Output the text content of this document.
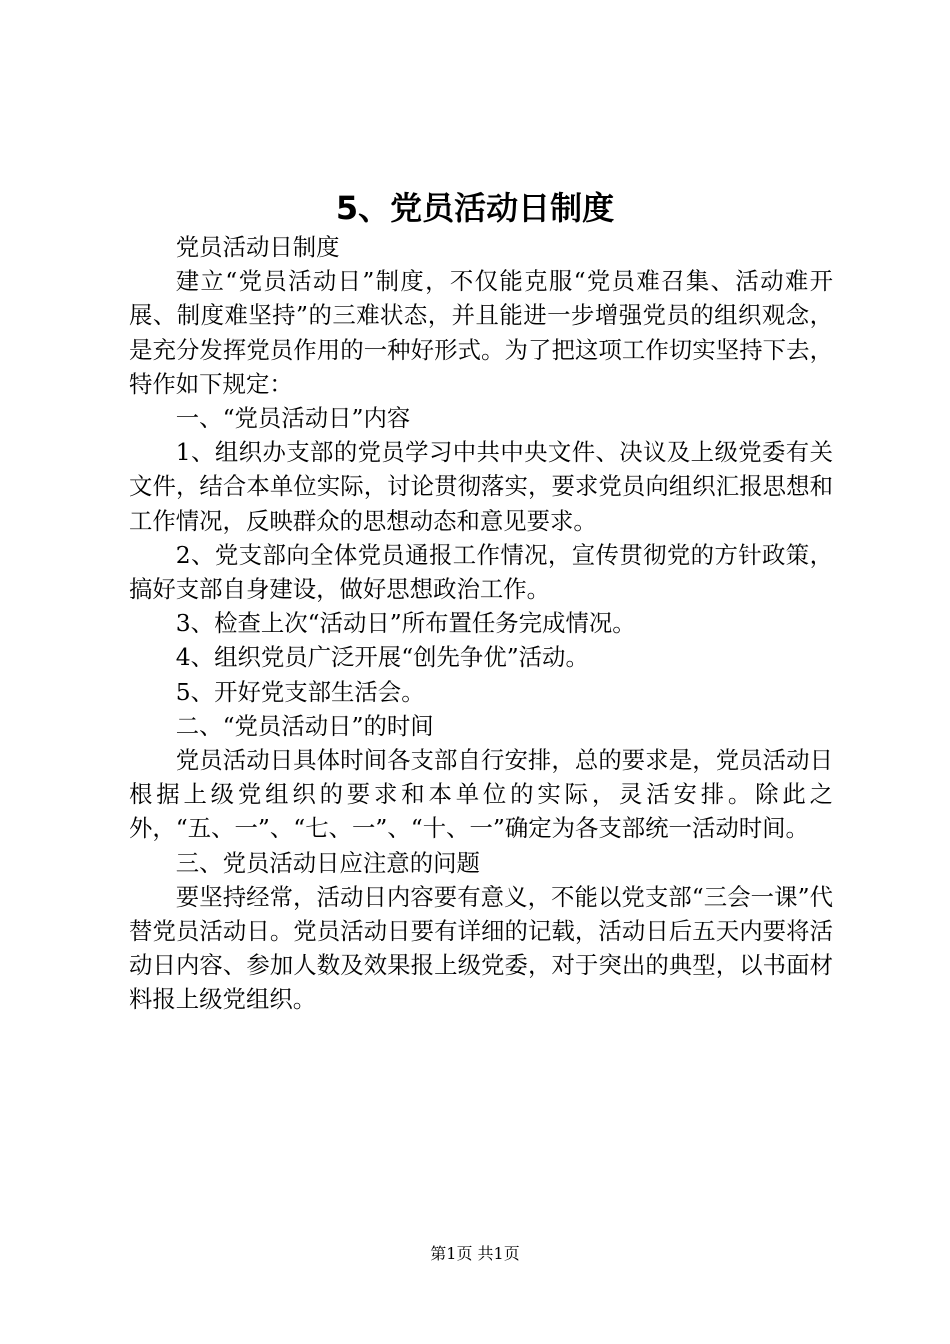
5、党员活动日制度

党员活动日制度

建立“党员活动日”制度，不仅能克服“党员难召集、活动难开展、制度难坚持”的三难状态，并且能进一步增强党员的组织观念，是充分发挥党员作用的一种好形式。为了把这项工作切实坚持下去，特作如下规定：

一、“党员活动日”内容

1、组织办支部的党员学习中共中央文件、决议及上级党委有关文件，结合本单位实际，讨论贯彻落实，要求党员向组织汇报思想和工作情况，反映群众的思想动态和意见要求。

2、党支部向全体党员通报工作情况，宣传贯彻党的方针政策，搞好支部自身建设，做好思想政治工作。

3、检查上次“活动日”所布置任务完成情况。

4、组织党员广泛开展“创先争优”活动。

5、开好党支部生活会。

二、“党员活动日”的时间

党员活动日具体时间各支部自行安排，总的要求是，党员活动日根据上级党组织的要求和本单位的实际，灵活安排。除此之外，“五、一”、“七、一”、“十、一”确定为各支部统一活动时间。

三、党员活动日应注意的问题

要坚持经常，活动日内容要有意义，不能以党支部“三会一课”代替党员活动日。党员活动日要有详细的记载，活动日后五天内要将活动日内容、参加人数及效果报上级党委，对于突出的典型，以书面材料报上级党组织。

第1页 共1页
